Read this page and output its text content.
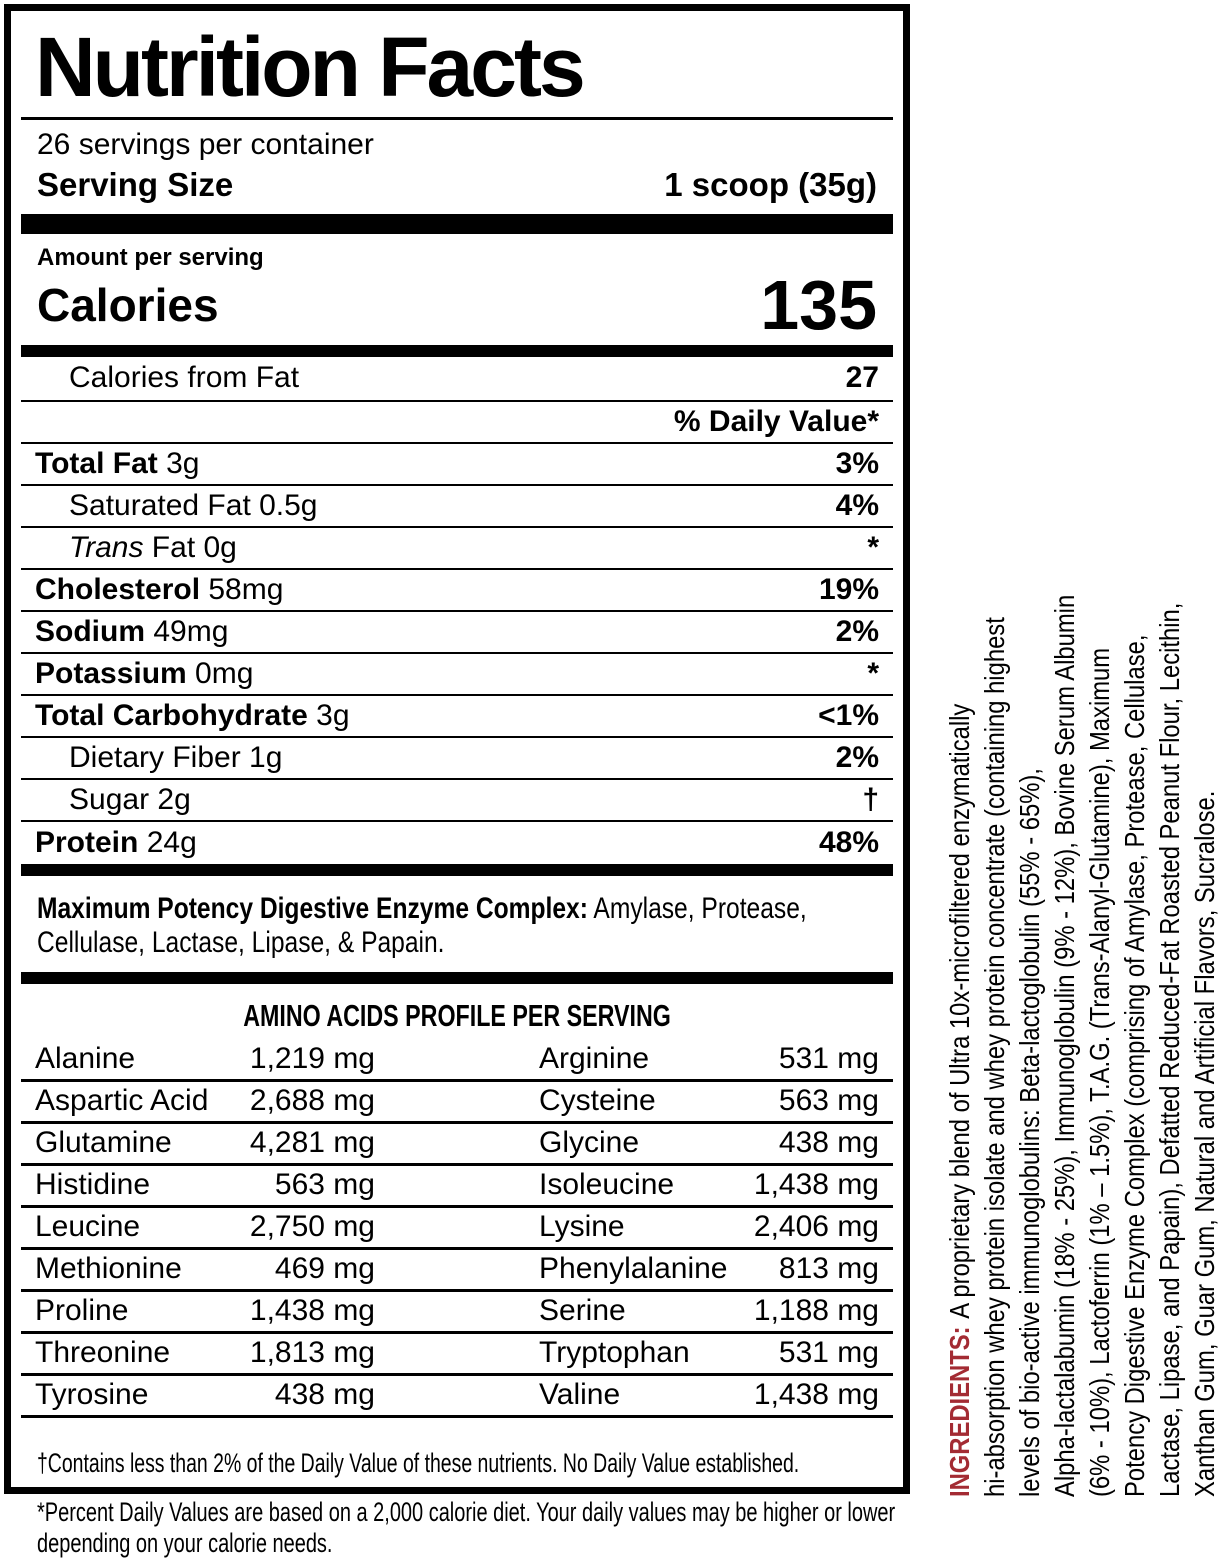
Nutrition Facts
26 servings per container
Serving Size	1 scoop (35g)
Amount per serving
Calories	135
Calories from Fat	27
% Daily Value*
Total Fat 3g	3%
Saturated Fat 0.5g	4%
Trans Fat 0g	*
Cholesterol 58mg	19%
Sodium 49mg	2%
Potassium 0mg	*
Total Carbohydrate 3g	<1%
Dietary Fiber 1g	2%
Sugar 2g	†
Protein 24g	48%
Maximum Potency Digestive Enzyme Complex: Amylase, Protease, Cellulase, Lactase, Lipase, & Papain.
AMINO ACIDS PROFILE PER SERVING
Alanine	1,219 mg	Arginine	531 mg
Aspartic Acid 2,688 mg	Cysteine	563 mg
Glutamine	4,281 mg	Glycine	438 mg
Histidine	563 mg	Isoleucine	1,438 mg
Leucine	2,750 mg	Lysine	2,406 mg
Methionine	469 mg	Phenylalanine 813 mg
Proline	1,438 mg	Serine	1,188 mg
Threonine	1,813 mg	Tryptophan	531 mg
Tyrosine	438 mg	Valine	1,438 mg
†Contains less than 2% of the Daily Value of these nutrients. No Daily Value established.
*Percent Daily Values are based on a 2,000 calorie diet. Your daily values may be higher or lower
depending on your calorie needs.
INGREDIENTS:A proprietary blend of Ultra 10x-microfiltered enzymatically hi-absorption whey protein isolate and whey protein concentrate (containing highest levels of bio-active immunoglobulins: Beta-lactoglobulin (55% - 65%), Alpha-lactalabumin (18% - 25%), Immunoglobulin (9% - 12%), Bovine Serum Albumin (6% - 10%), Lactoferrin (1% – 1.5%), T.A.G. (Trans-Alanyl-Glutamine), Maximum Potency Digestive Enzyme Complex (comprising of Amylase, Protease, Cellulase, Lactase, Lipase, and Papain), Defatted Reduced-Fat Roasted Peanut Flour, Lecithin, Xanthan Gum, Guar Gum, Natural and Artificial Flavors, Sucralose.
